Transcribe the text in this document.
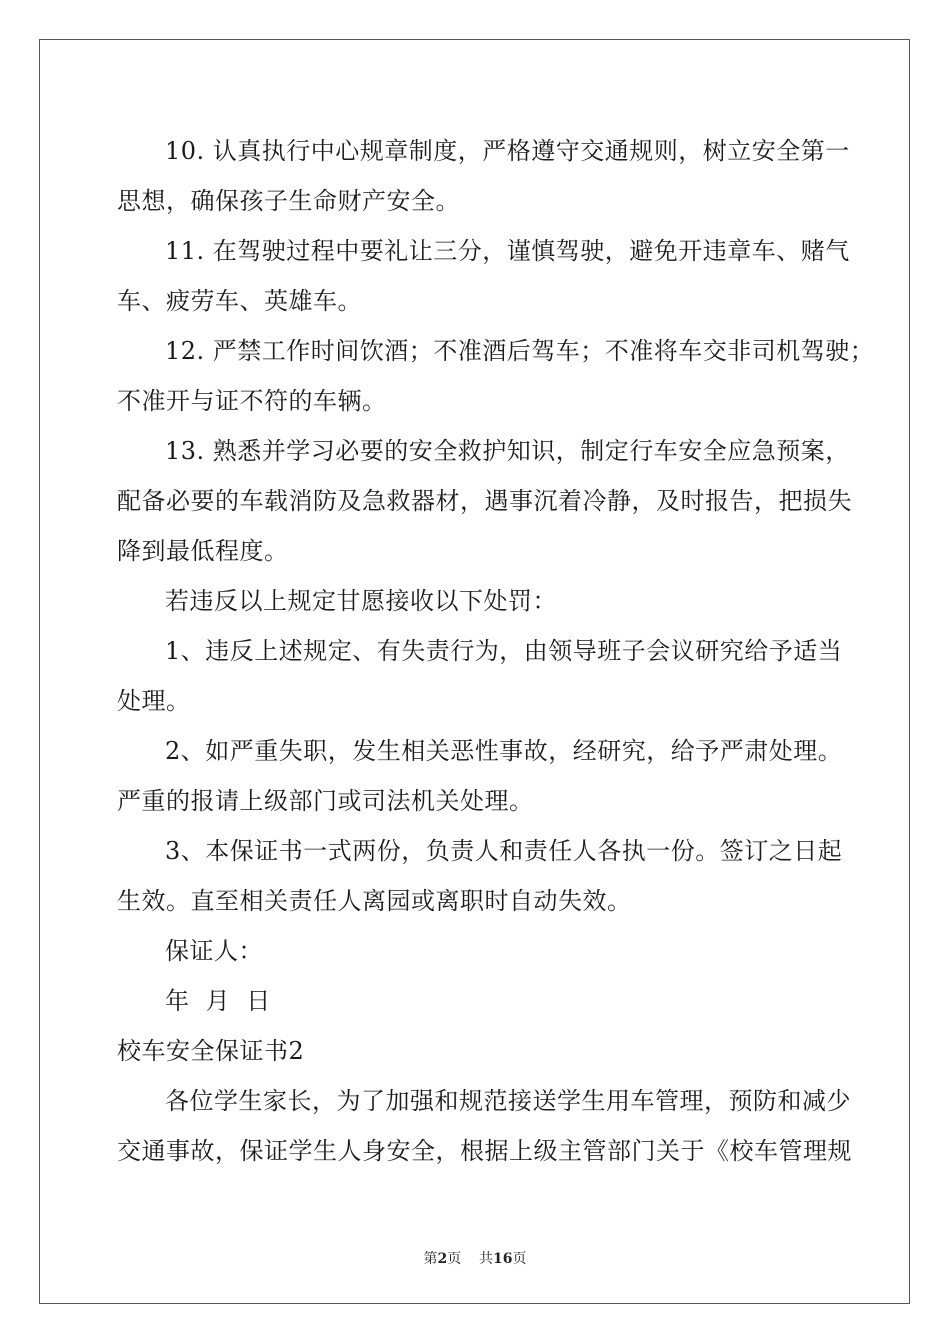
10. 认真执行中心规章制度，严格遵守交通规则，树立安全第一
思想，确保孩子生命财产安全。
11. 在驾驶过程中要礼让三分，谨慎驾驶，避免开违章车、赌气
车、疲劳车、英雄车。
12. 严禁工作时间饮酒；不准酒后驾车；不准将车交非司机驾驶；
不准开与证不符的车辆。
13. 熟悉并学习必要的安全救护知识，制定行车安全应急预案，
配备必要的车载消防及急救器材，遇事沉着冷静，及时报告，把损失
降到最低程度。
若违反以上规定甘愿接收以下处罚：
1、违反上述规定、有失责行为，由领导班子会议研究给予适当
处理。
2、如严重失职，发生相关恶性事故，经研究，给予严肃处理。
严重的报请上级部门或司法机关处理。
3、本保证书一式两份，负责人和责任人各执一份。签订之日起
生效。直至相关责任人离园或离职时自动失效。
保证人：
年 月 日
校车安全保证书2
各位学生家长，为了加强和规范接送学生用车管理，预防和减少
交通事故，保证学生人身安全，根据上级主管部门关于《校车管理规
第2页 共16页
